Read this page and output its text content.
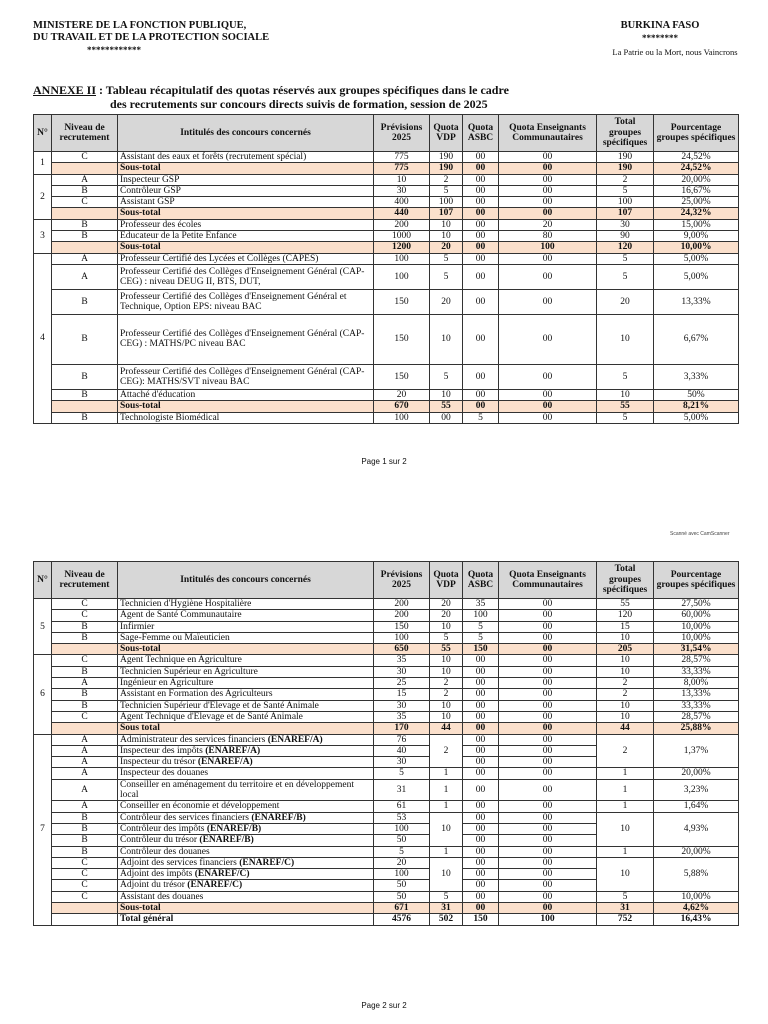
MINISTERE DE LA FONCTION PUBLIQUE,
DU TRAVAIL ET DE LA PROTECTION SOCIALE
************
BURKINA FASO
********
La Patrie ou la Mort, nous Vaincrons
ANNEXE II : Tableau récapitulatif des quotas réservés aux groupes spécifiques dans le cadre
des recrutements sur concours directs suivis de formation, session de 2025
N°	Niveau de recrutement	Intitulés des concours concernés	Prévisions 2025	Quota VDP	Quota ASBC	Quota Enseignants Communautaires	Total groupes spécifiques	Pourcentage groupes spécifiques
1	C	Assistant des eaux et forêts (recrutement spécial)	775	190	00	00	190	24,52%
		Sous-total	775	190	00	00	190	24,52%
2	A	Inspecteur GSP	10	2	00	00	2	20,00%
	B	Contrôleur GSP	30	5	00	00	5	16,67%
	C	Assistant GSP	400	100	00	00	100	25,00%
		Sous-total	440	107	00	00	107	24,32%
3	B	Professeur des écoles	200	10	00	20	30	15,00%
	B	Educateur de la Petite Enfance	1000	10	00	80	90	9,00%
		Sous-total	1200	20	00	100	120	10,00%
4	A	Professeur Certifié des Lycées et Collèges (CAPES)	100	5	00	00	5	5,00%
	A	Professeur Certifié des Collèges d'Enseignement Général (CAP-CEG) : niveau DEUG II, BTS, DUT,	100	5	00	00	5	5,00%
	B	Professeur Certifié des Collèges d'Enseignement Général et Technique, Option EPS: niveau BAC	150	20	00	00	20	13,33%
	B	Professeur Certifié des Collèges d'Enseignement Général (CAP-CEG) : MATHS/PC niveau BAC	150	10	00	00	10	6,67%
	B	Professeur Certifié des Collèges d'Enseignement Général (CAP-CEG): MATHS/SVT niveau BAC	150	5	00	00	5	3,33%
	B	Attaché d'éducation	20	10	00	00	10	50%
		Sous-total	670	55	00	00	55	8,21%
	B	Technologiste Biomédical	100	00	5	00	5	5,00%
Page 1 sur 2
Scanné avec CamScanner
N°	Niveau de recrutement	Intitulés des concours concernés	Prévisions 2025	Quota VDP	Quota ASBC	Quota Enseignants Communautaires	Total groupes spécifiques	Pourcentage groupes spécifiques
5	C	Technicien d'Hygiène Hospitalière	200	20	35	00	55	27,50%
	C	Agent de Santé Communautaire	200	20	100	00	120	60,00%
	B	Infirmier	150	10	5	00	15	10,00%
	B	Sage-Femme ou Maïeuticien	100	5	5	00	10	10,00%
		Sous-total	650	55	150	00	205	31,54%
6	C	Agent Technique en Agriculture	35	10	00	00	10	28,57%
	B	Technicien Supérieur en Agriculture	30	10	00	00	10	33,33%
	A	Ingénieur en Agriculture	25	2	00	00	2	8,00%
	B	Assistant en Formation des Agriculteurs	15	2	00	00	2	13,33%
	B	Technicien Supérieur d'Elevage et de Santé Animale	30	10	00	00	10	33,33%
	C	Agent Technique d'Elevage et de Santé Animale	35	10	00	00	10	28,57%
		Sous total	170	44	00	00	44	25,88%
7	A	Administrateur des services financiers (ENAREF/A)	76	2	00	00	2	1,37%
	A	Inspecteur des impôts (ENAREF/A)	40		00	00		
	A	Inspecteur du trésor (ENAREF/A)	30		00	00		
	A	Inspecteur des douanes	5	1	00	00	1	20,00%
	A	Conseiller en aménagement du territoire et en développement local	31	1	00	00	1	3,23%
	A	Conseiller en économie et développement	61	1	00	00	1	1,64%
	B	Contrôleur des services financiers (ENAREF/B)	53	10	00	00	10	4,93%
	B	Contrôleur des impôts (ENAREF/B)	100		00	00		
	B	Contrôleur du trésor (ENAREF/B)	50		00	00		
	B	Contrôleur des douanes	5	1	00	00	1	20,00%
	C	Adjoint des services financiers (ENAREF/C)	20	10	00	00	10	5,88%
	C	Adjoint des impôts (ENAREF/C)	100		00	00		
	C	Adjoint du trésor (ENAREF/C)	50		00	00		
	C	Assistant des douanes	50	5	00	00	5	10,00%
		Sous-total	671	31	00	00	31	4,62%
		Total général	4576	502	150	100	752	16,43%
Page 2 sur 2
